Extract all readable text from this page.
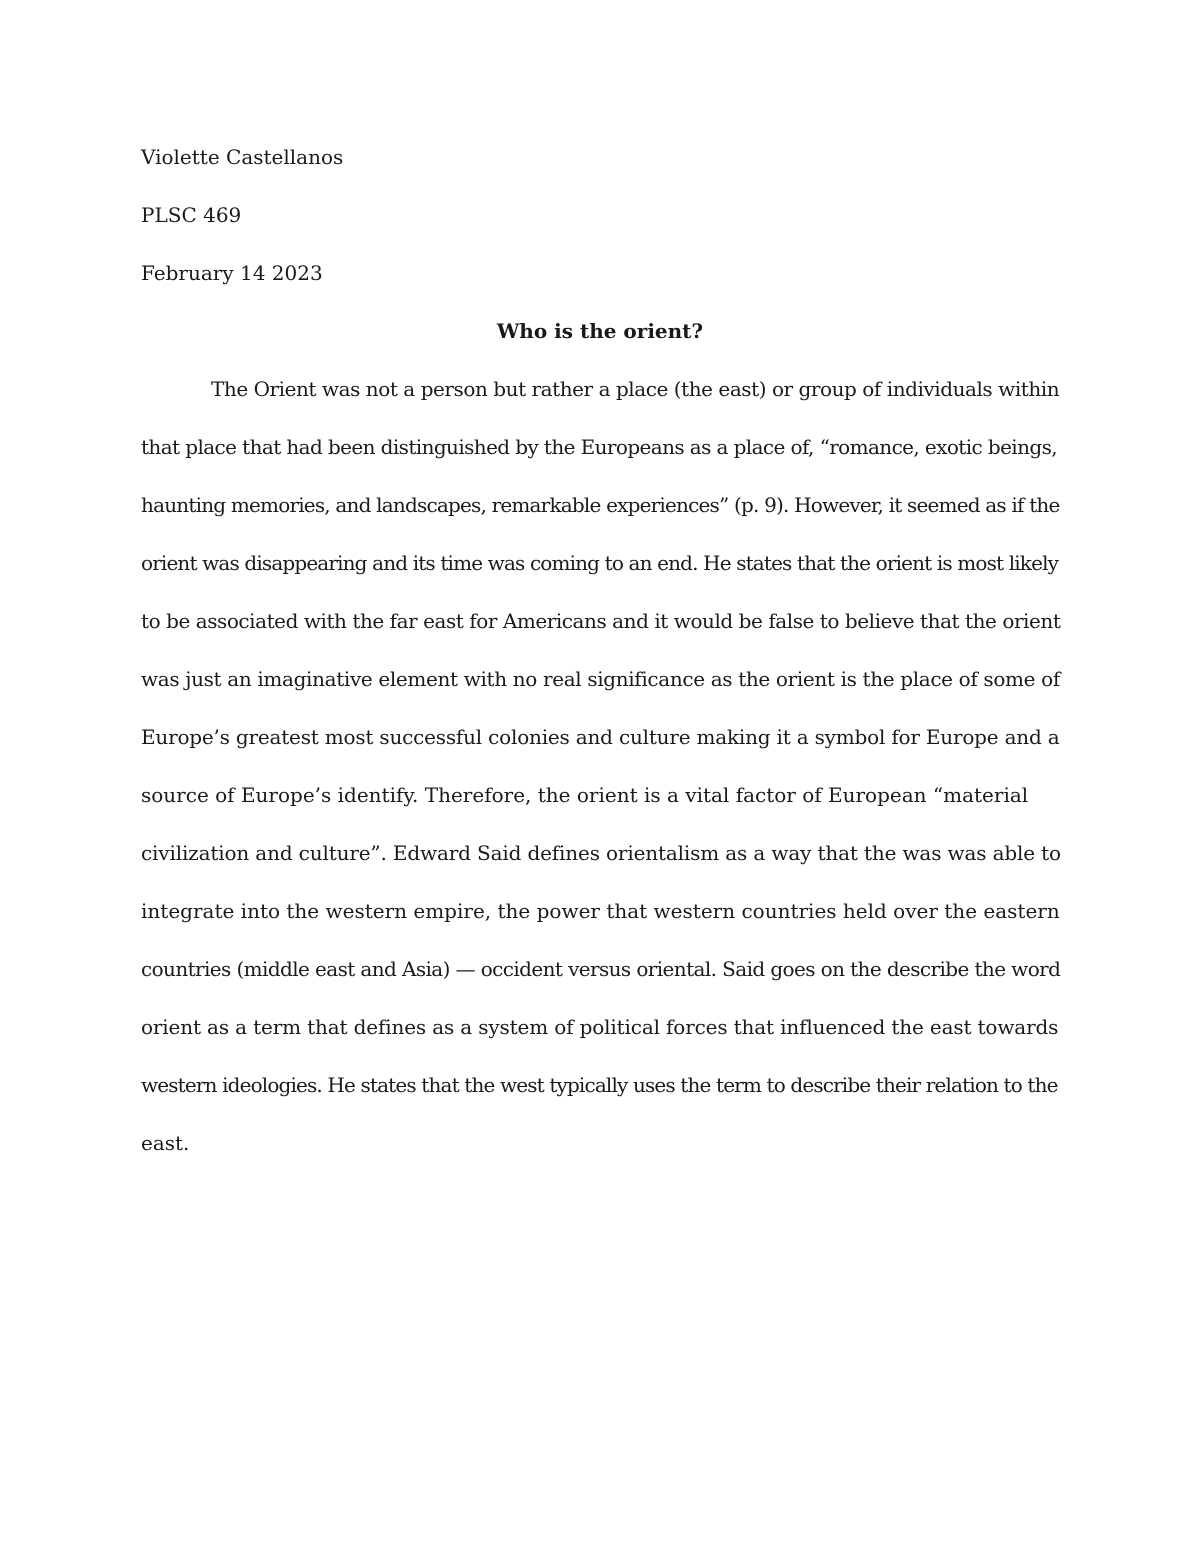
Violette Castellanos

PLSC 469

February 14 2023

Who is the orient?
The Orient was not a person but rather a place (the east) or group of individuals within
that place that had been distinguished by the Europeans as a place of, “romance, exotic beings,
haunting memories, and landscapes, remarkable experiences” (p. 9). However, it seemed as if the
orient was disappearing and its time was coming to an end. He states that the orient is most likely
to be associated with the far east for Americans and it would be false to believe that the orient
was just an imaginative element with no real significance as the orient is the place of some of
Europe’s greatest most successful colonies and culture making it a symbol for Europe and a
source of Europe’s identify. Therefore, the orient is a vital factor of European “material
civilization and culture”. Edward Said defines orientalism as a way that the was was able to
integrate into the western empire, the power that western countries held over the eastern
countries (middle east and Asia) — occident versus oriental. Said goes on the describe the word
orient as a term that defines as a system of political forces that influenced the east towards
western ideologies. He states that the west typically uses the term to describe their relation to the
east.
